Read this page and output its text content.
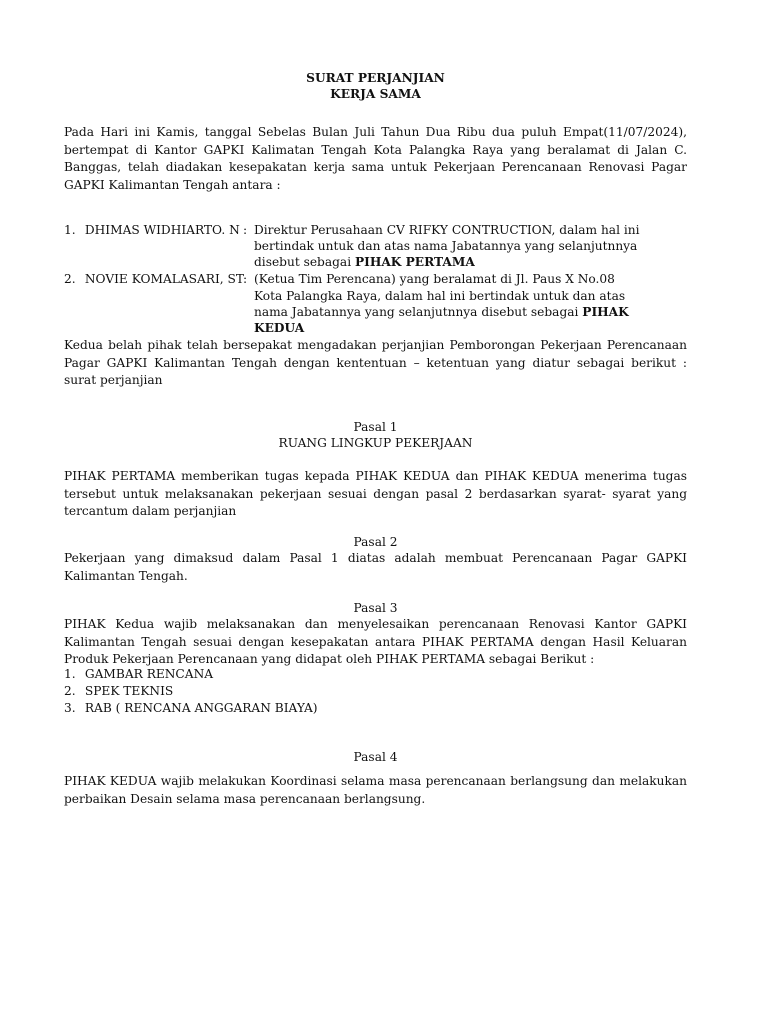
SURAT PERJANJIAN
KERJA SAMA
Pada Hari ini Kamis, tanggal Sebelas Bulan Juli Tahun Dua Ribu dua puluh Empat(11/07/2024), bertempat di Kantor GAPKI Kalimatan Tengah Kota Palangka Raya yang beralamat di Jalan C. Banggas, telah diadakan kesepakatan kerja sama untuk Pekerjaan Perencanaan Renovasi Pagar GAPKI Kalimantan Tengah antara :
1. DHIMAS WIDHIARTO. N : Direktur Perusahaan CV RIFKY CONTRUCTION, dalam hal ini
bertindak untuk dan atas nama Jabatannya yang selanjutnnya
disebut sebagai PIHAK PERTAMA
2. NOVIE KOMALASARI, ST
: (Ketua Tim Perencana) yang beralamat di Jl. Paus X No.08
Kota Palangka Raya, dalam hal ini bertindak untuk dan atas
nama Jabatannya yang selanjutnnya disebut sebagai PIHAK
KEDUA
Kedua belah pihak telah bersepakat mengadakan perjanjian Pemborongan Pekerjaan Perencanaan Pagar GAPKI Kalimantan Tengah dengan kententuan – ketentuan yang diatur sebagai berikut : surat perjanjian
Pasal 1
RUANG LINGKUP PEKERJAAN
PIHAK PERTAMA memberikan tugas kepada PIHAK KEDUA dan PIHAK KEDUA menerima tugas tersebut untuk melaksanakan pekerjaan sesuai dengan pasal 2 berdasarkan syarat- syarat yang tercantum dalam perjanjian
Pasal 2
Pekerjaan yang dimaksud dalam Pasal 1 diatas adalah membuat Perencanaan Pagar GAPKI Kalimantan Tengah.
Pasal 3
PIHAK Kedua wajib melaksanakan dan menyelesaikan perencanaan Renovasi Kantor GAPKI Kalimantan Tengah sesuai dengan kesepakatan antara PIHAK PERTAMA dengan Hasil Keluaran Produk Pekerjaan Perencanaan yang didapat oleh PIHAK PERTAMA sebagai Berikut :
1. GAMBAR RENCANA
2. SPEK TEKNIS
3. RAB ( RENCANA ANGGARAN BIAYA)
Pasal 4
PIHAK KEDUA wajib melakukan Koordinasi selama masa perencanaan berlangsung dan melakukan perbaikan Desain selama masa perencanaan berlangsung.
